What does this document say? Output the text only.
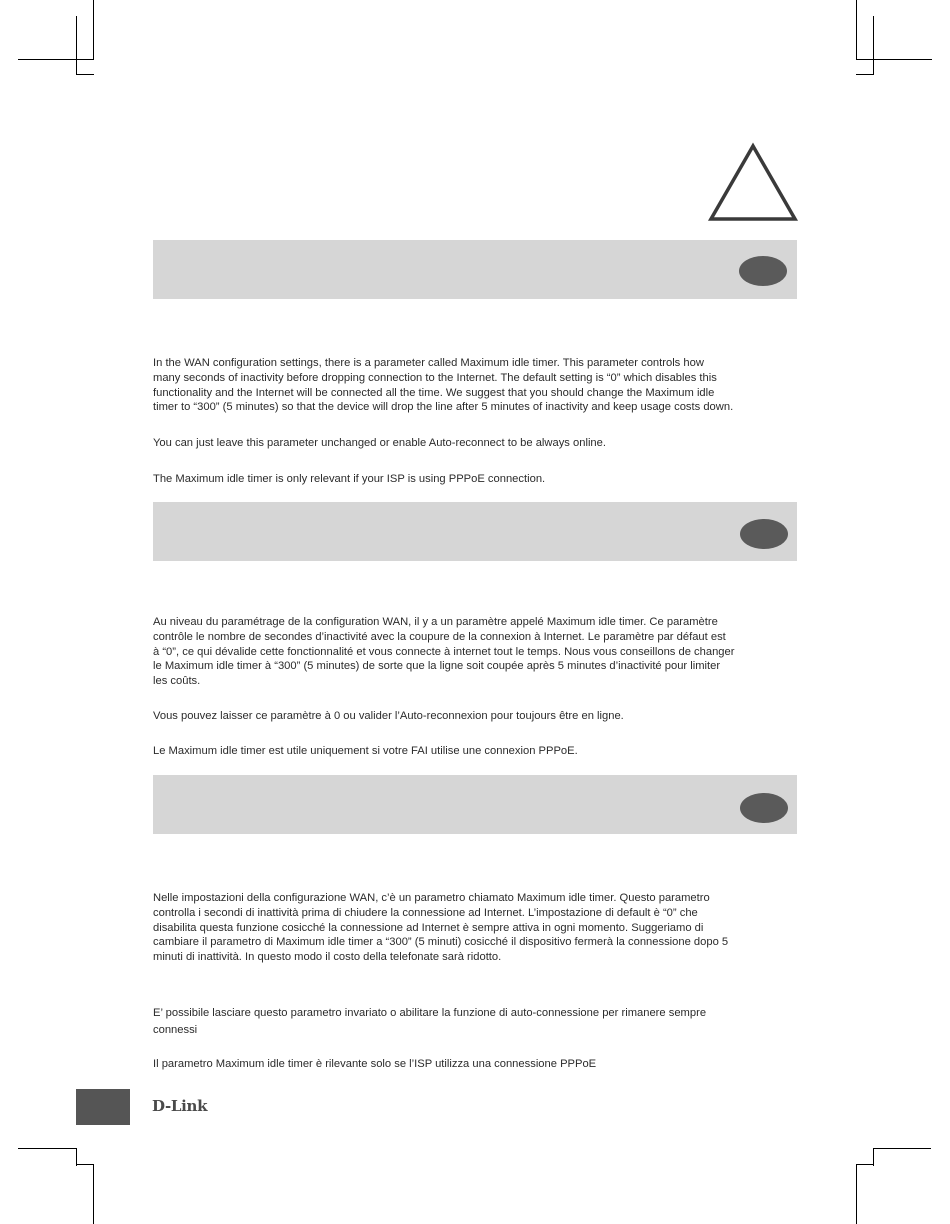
In the WAN configuration settings, there is a parameter called Maximum idle timer. This parameter controls how
many seconds of inactivity before dropping connection to the Internet. The default setting is “0” which disables this
functionality and the Internet will be connected all the time. We suggest that you should change the Maximum idle
timer to “300” (5 minutes) so that the device will drop the line after 5 minutes of inactivity and keep usage costs down.

You can just leave this parameter unchanged or enable Auto-reconnect to be always online.

The Maximum idle timer is only relevant if your ISP is using PPPoE connection.

Au niveau du paramétrage de la configuration WAN, il y a un paramètre appelé Maximum idle timer. Ce paramètre
contrôle le nombre de secondes d’inactivité avec la coupure de la connexion à Internet. Le paramètre par défaut est
à “0”, ce qui dévalide cette fonctionnalité et vous connecte à internet tout le temps. Nous vous conseillons de changer
le Maximum idle timer à “300” (5 minutes) de sorte que la ligne soit coupée après 5 minutes d’inactivité pour limiter
les coûts.

Vous pouvez laisser ce paramètre à 0 ou valider l’Auto-reconnexion pour toujours être en ligne.

Le Maximum idle timer est utile uniquement si votre FAI utilise une connexion PPPoE.

Nelle impostazioni della configurazione WAN, c’è un parametro chiamato Maximum idle timer. Questo parametro
controlla i secondi di inattività prima di chiudere la connessione ad Internet. L’impostazione di default è “0” che
disabilita questa funzione cosicché la connessione ad Internet è sempre attiva in ogni momento. Suggeriamo di
cambiare il parametro di Maximum idle timer a “300” (5 minuti) cosicché il dispositivo fermerà la connessione dopo 5
minuti di inattività. In questo modo il costo della telefonate sarà ridotto.

E’ possibile lasciare questo parametro invariato o abilitare la funzione di auto-connessione per rimanere sempre
connessi

Il parametro Maximum idle timer è rilevante solo se l’ISP utilizza una connessione PPPoE

D-Link
